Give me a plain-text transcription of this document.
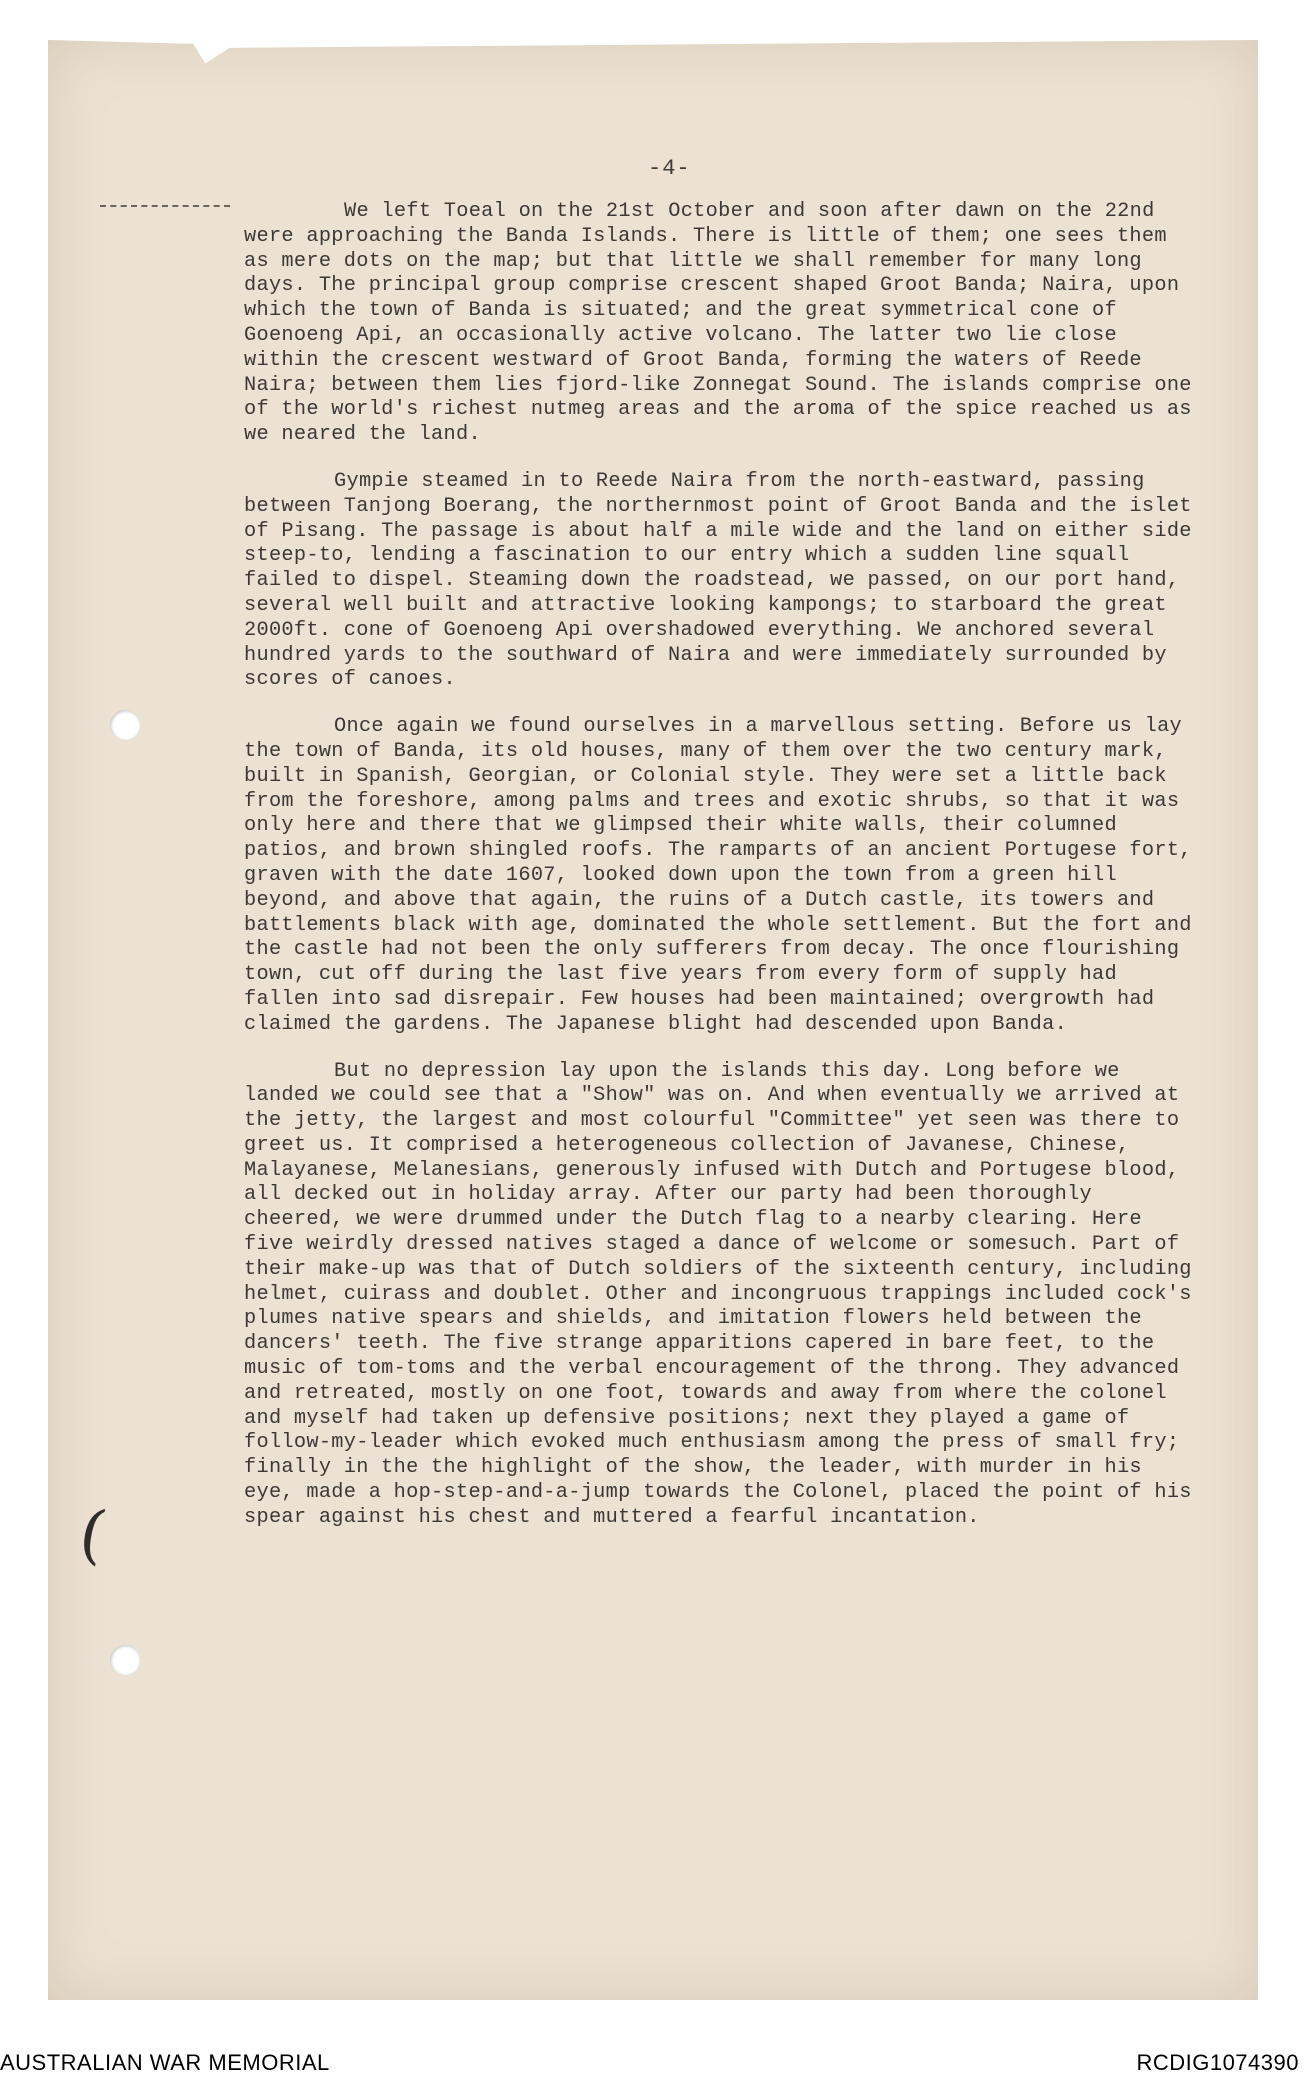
-4-

We left Toeal on the 21st October and soon after dawn on the 22nd were approaching the Banda Islands. There is little of them; one sees them as mere dots on the map; but that little we shall remember for many long days. The principal group comprise crescent shaped Groot Banda; Naira, upon which the town of Banda is situated; and the great symmetrical cone of Goenoeng Api, an occasionally active volcano. The latter two lie close within the crescent westward of Groot Banda, forming the waters of Reede Naira; between them lies fjord-like Zonnegat Sound. The islands comprise one of the world's richest nutmeg areas and the aroma of the spice reached us as we neared the land.

Gympie steamed in to Reede Naira from the north-eastward, passing between Tanjong Boerang, the northernmost point of Groot Banda and the islet of Pisang. The passage is about half a mile wide and the land on either side steep-to, lending a fascination to our entry which a sudden line squall failed to dispel. Steaming down the roadstead, we passed, on our port hand, several well built and attractive looking kampongs; to starboard the great 2000ft. cone of Goenoeng Api overshadowed everything. We anchored several hundred yards to the southward of Naira and were immediately surrounded by scores of canoes.

Once again we found ourselves in a marvellous setting. Before us lay the town of Banda, its old houses, many of them over the two century mark, built in Spanish, Georgian, or Colonial style. They were set a little back from the foreshore, among palms and trees and exotic shrubs, so that it was only here and there that we glimpsed their white walls, their columned patios, and brown shingled roofs. The ramparts of an ancient Portugese fort, graven with the date 1607, looked down upon the town from a green hill beyond, and above that again, the ruins of a Dutch castle, its towers and battlements black with age, dominated the whole settlement. But the fort and the castle had not been the only sufferers from decay. The once flourishing town, cut off during the last five years from every form of supply had fallen into sad disrepair. Few houses had been maintained; overgrowth had claimed the gardens. The Japanese blight had descended upon Banda.

But no depression lay upon the islands this day. Long before we landed we could see that a "Show" was on. And when eventually we arrived at the jetty, the largest and most colourful "Committee" yet seen was there to greet us. It comprised a heterogeneous collection of Javanese, Chinese, Malayanese, Melanesians, generously infused with Dutch and Portugese blood, all decked out in holiday array. After our party had been thoroughly cheered, we were drummed under the Dutch flag to a nearby clearing. Here five weirdly dressed natives staged a dance of welcome or somesuch. Part of their make-up was that of Dutch soldiers of the sixteenth century, including helmet, cuirass and doublet. Other and incongruous trappings included cock's plumes native spears and shields, and imitation flowers held between the dancers' teeth. The five strange apparitions capered in bare feet, to the music of tom-toms and the verbal encouragement of the throng. They advanced and retreated, mostly on one foot, towards and away from where the colonel and myself had taken up defensive positions; next they played a game of follow-my-leader which evoked much enthusiasm among the press of small fry; finally in the the highlight of the show, the leader, with murder in his eye, made a hop-step-and-a-jump towards the Colonel, placed the point of his spear against his chest and muttered a fearful incantation.

(
AUSTRALIAN WAR MEMORIAL	RCDIG1074390
